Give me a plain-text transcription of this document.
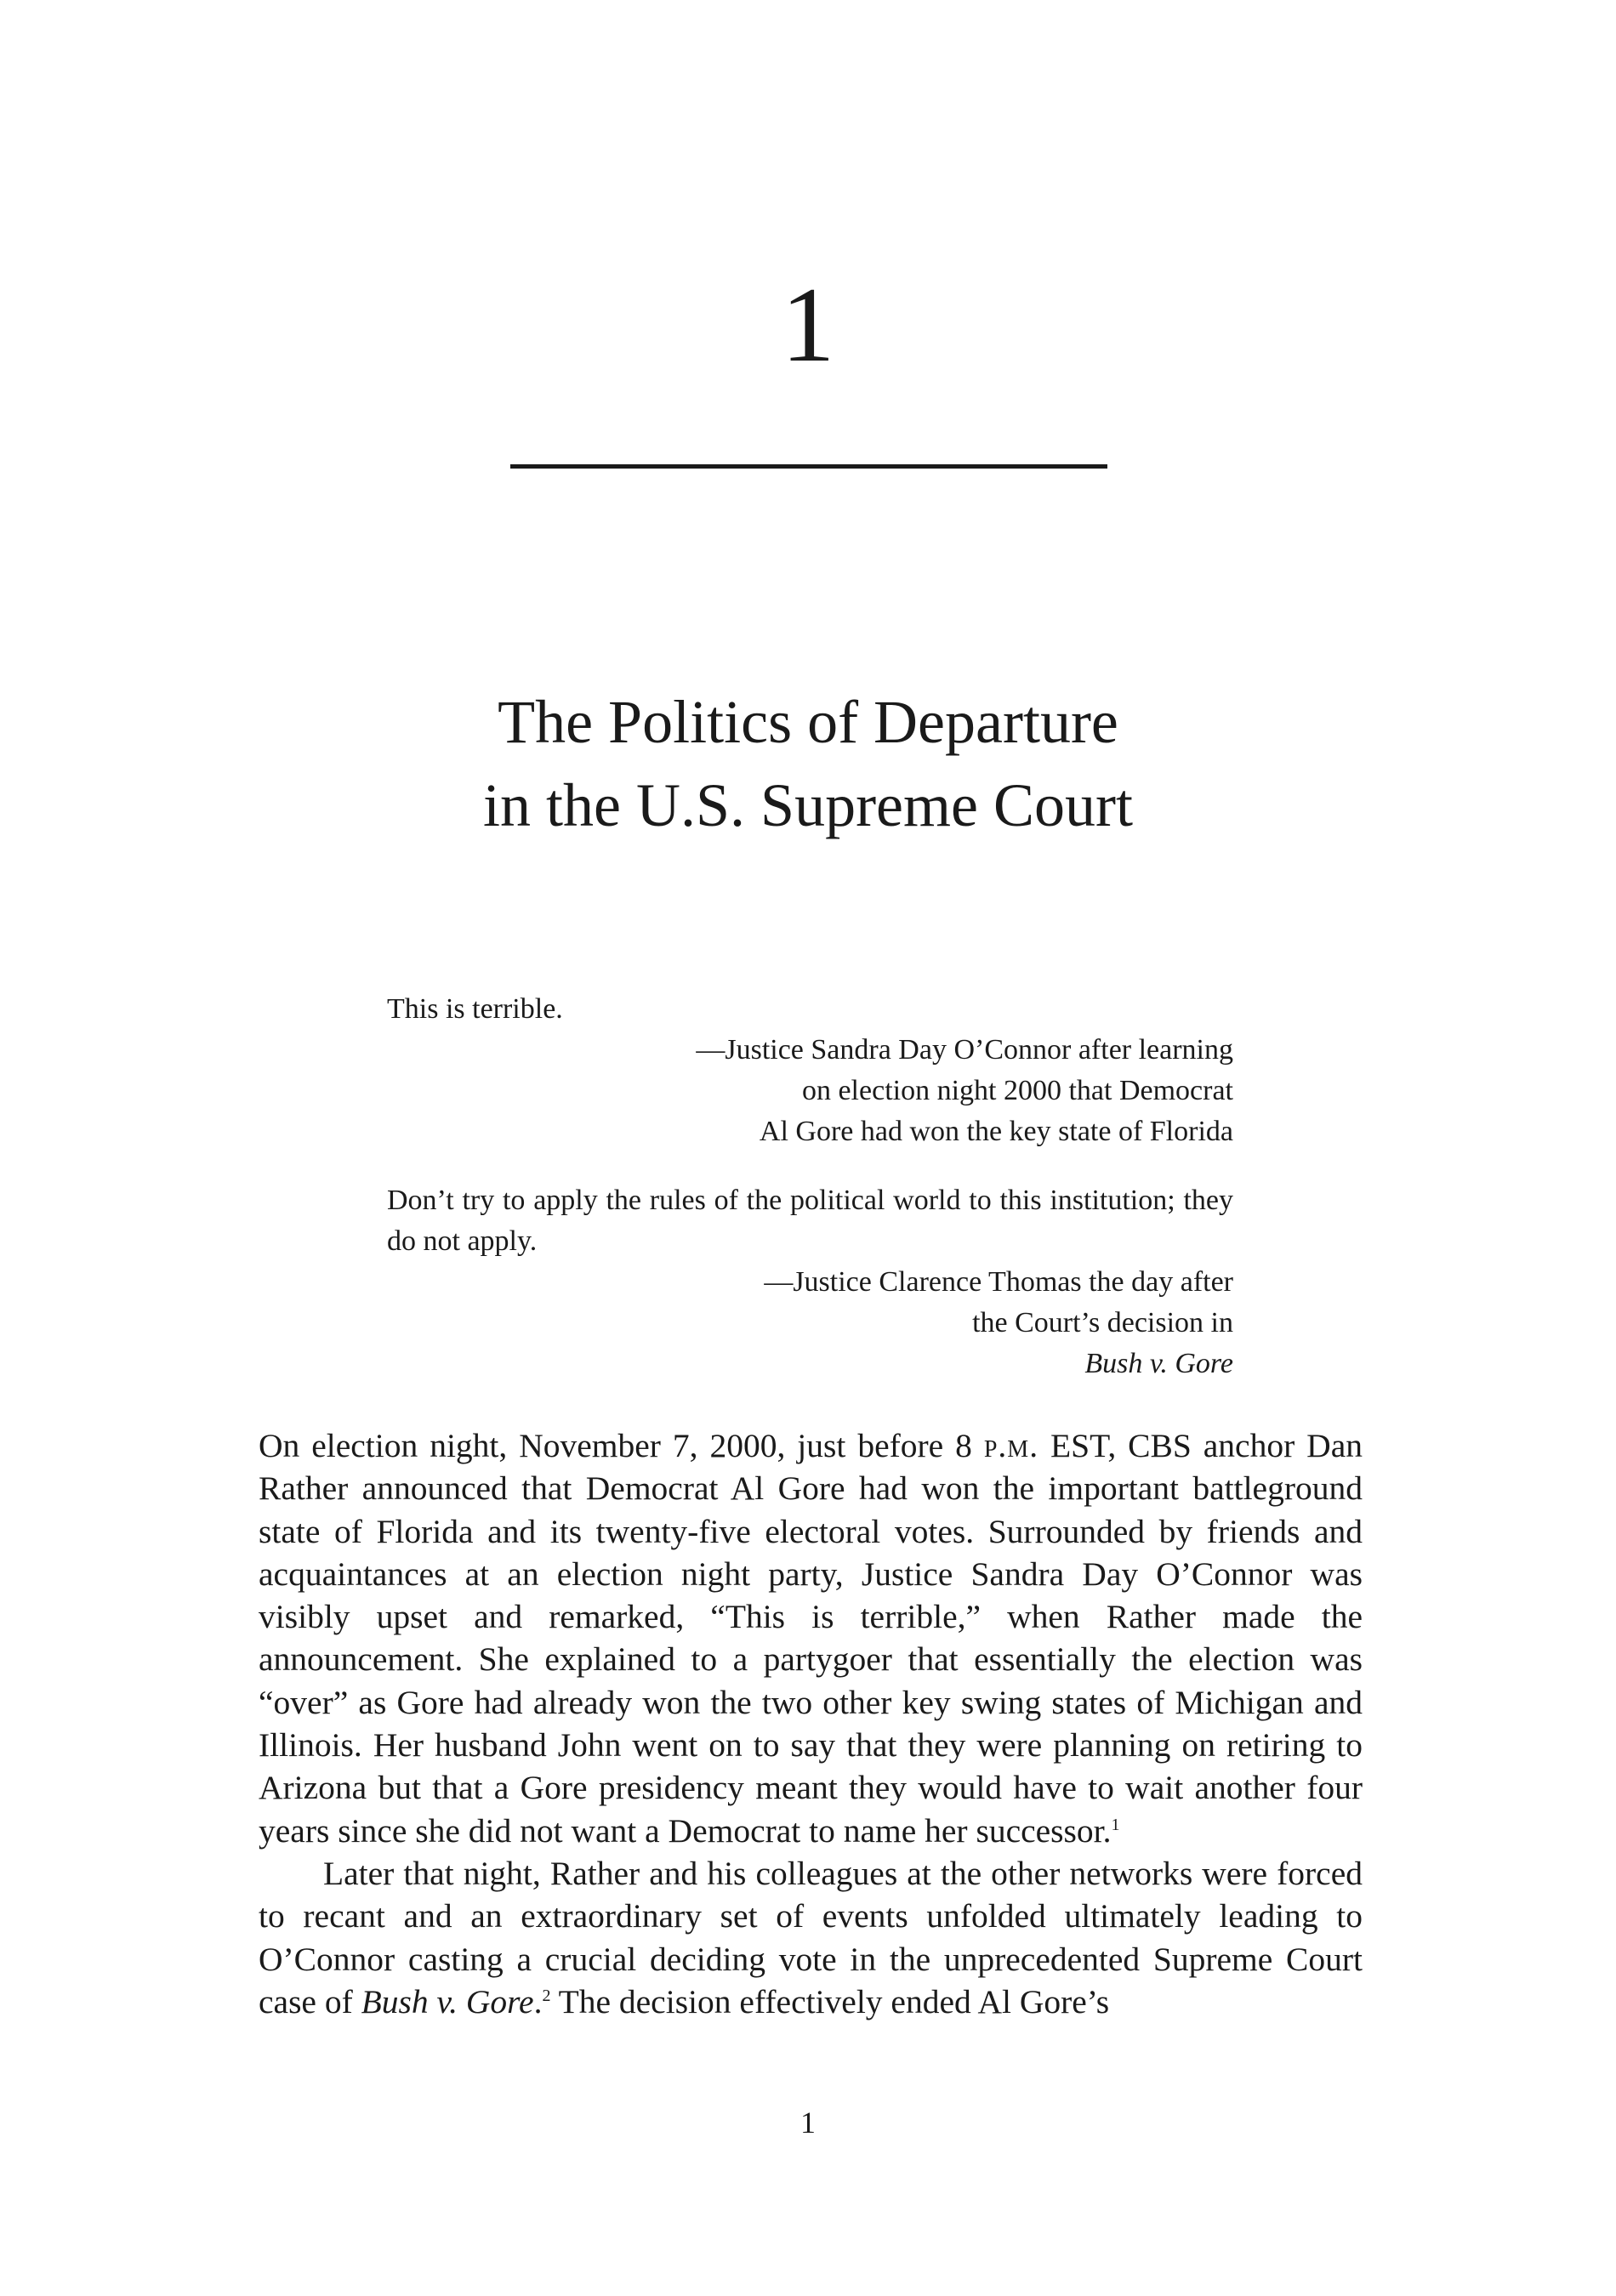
1
The Politics of Departure
in the U.S. Supreme Court
This is terrible.
—Justice Sandra Day O’Connor after learning
on election night 2000 that Democrat
Al Gore had won the key state of Florida
Don’t try to apply the rules of the political world to this institution; they do not apply.
—Justice Clarence Thomas the day after
the Court’s decision in
Bush v. Gore

On election night, November 7, 2000, just before 8 p.m. EST, CBS anchor Dan Rather announced that Democrat Al Gore had won the important battleground state of Florida and its twenty-five electoral votes. Surrounded by friends and acquaintances at an election night party, Justice Sandra Day O’Connor was visibly upset and remarked, “This is terrible,” when Rather made the announcement. She explained to a partygoer that essentially the election was “over” as Gore had already won the two other key swing states of Michigan and Illinois. Her husband John went on to say that they were planning on retiring to Arizona but that a Gore presidency meant they would have to wait another four years since she did not want a Democrat to name her successor.$^1$

Later that night, Rather and his colleagues at the other networks were forced to recant and an extraordinary set of events unfolded ultimately leading to O’Connor casting a crucial deciding vote in the unprecedented Supreme Court case of Bush v. Gore.$^2$ The decision effectively ended Al Gore’s

1
